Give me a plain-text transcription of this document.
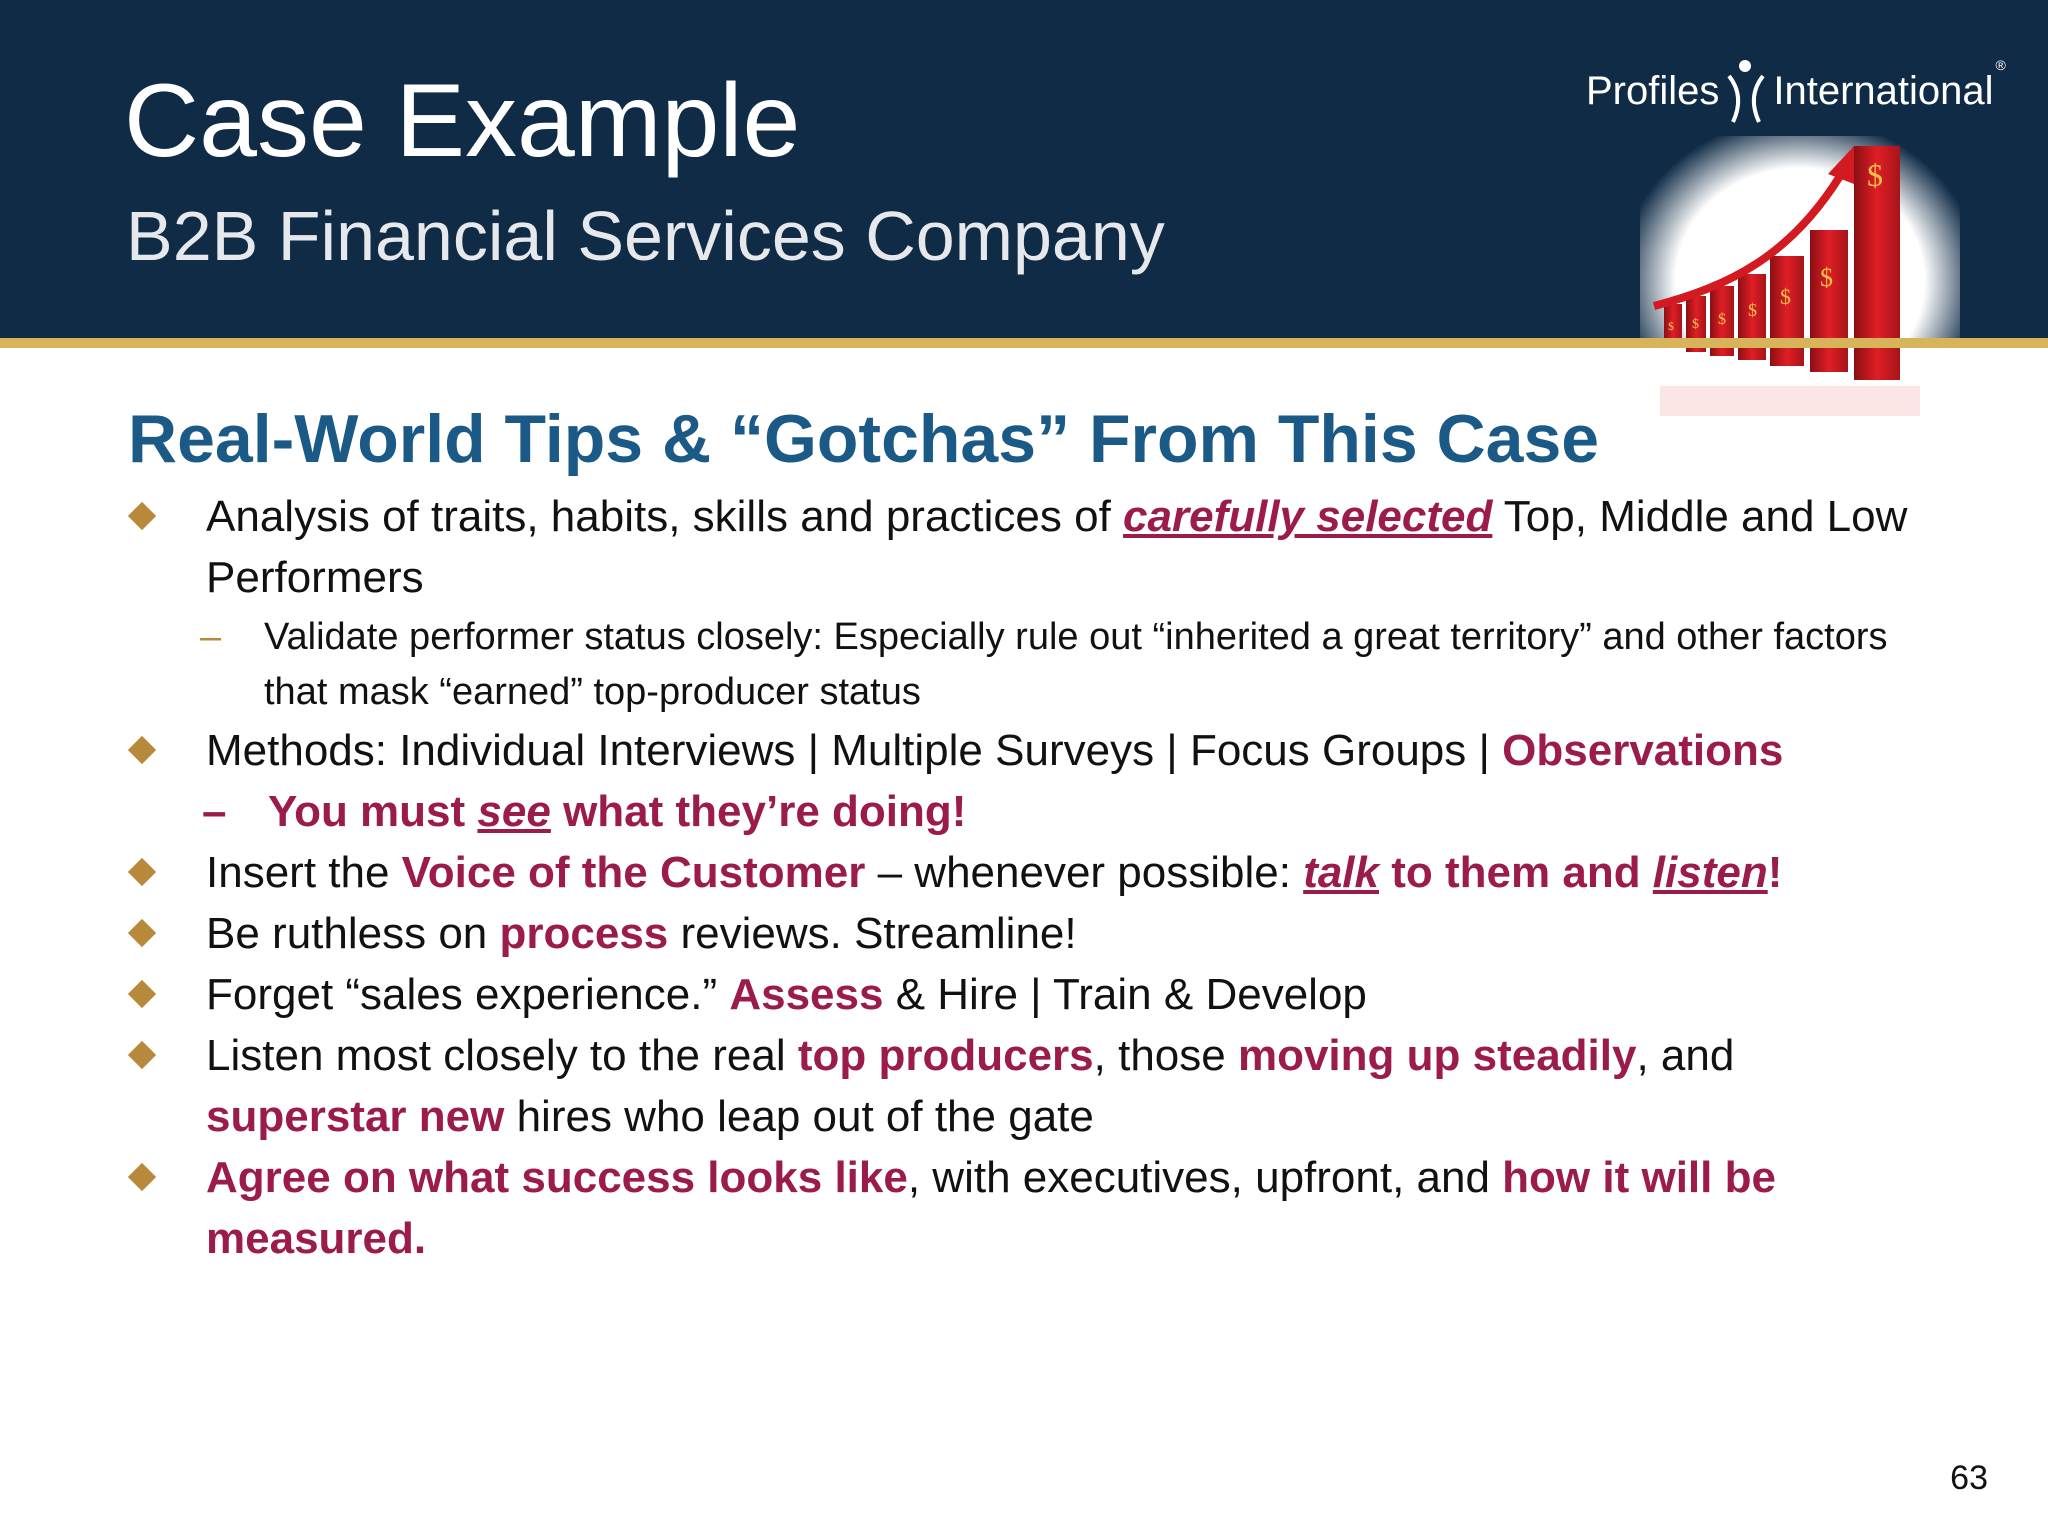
Case Example
B2B Financial Services Company
Profiles International
®
$
$
$
$
$
$
$
Real-World Tips & “Gotchas” From This Case

Analysis of traits, habits, skills and practices of carefully selected Top, Middle and Low Performers

– Validate performer status closely: Especially rule out “inherited a great territory” and other factors that mask “earned” top-producer status

Methods: Individual Interviews | Multiple Surveys | Focus Groups | Observations

– You must see what they’re doing!

Insert the Voice of the Customer – whenever possible: talk to them and listen!

Be ruthless on process reviews. Streamline!

Forget “sales experience.” Assess & Hire | Train & Develop

Listen most closely to the real top producers, those moving up steadily, and superstar new hires who leap out of the gate

Agree on what success looks like, with executives, upfront, and how it will be measured.

63
